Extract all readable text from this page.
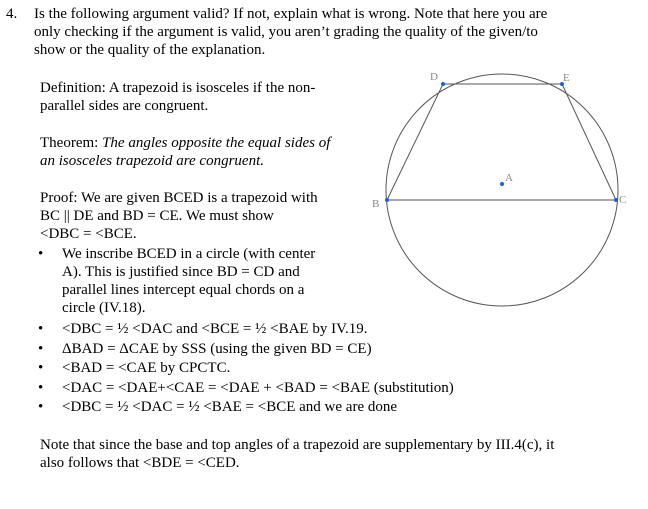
4. Is the following argument valid? If not, explain what is wrong. Note that here you are
only checking if the argument is valid, you aren’t grading the quality of the given/to
show or the quality of the explanation.
Definition: A trapezoid is isosceles if the non-
parallel sides are congruent.
Theorem: The angles opposite the equal sides of
an isosceles trapezoid are congruent.
Proof: We are given BCED is a trapezoid with
BC || DE and BD = CE. We must show
<DBC = <BCE.
• We inscribe BCED in a circle (with center
A). This is justified since BD = CD and
parallel lines intercept equal chords on a
circle (IV.18).
• <DBC = ½ <DAC and <BCE = ½ <BAE by IV.19.
• ΔBAD = ΔCAE by SSS (using the given BD = CE)
• <BAD = <CAE by CPCTC.
• <DAC = <DAE+<CAE = <DAE + <BAD = <BAE (substitution)
• <DBC = ½ <DAC = ½ <BAE = <BCE and we are done
Note that since the base and top angles of a trapezoid are supplementary by III.4(c), it
also follows that <BDE = <CED.
D	E
A
B	C
